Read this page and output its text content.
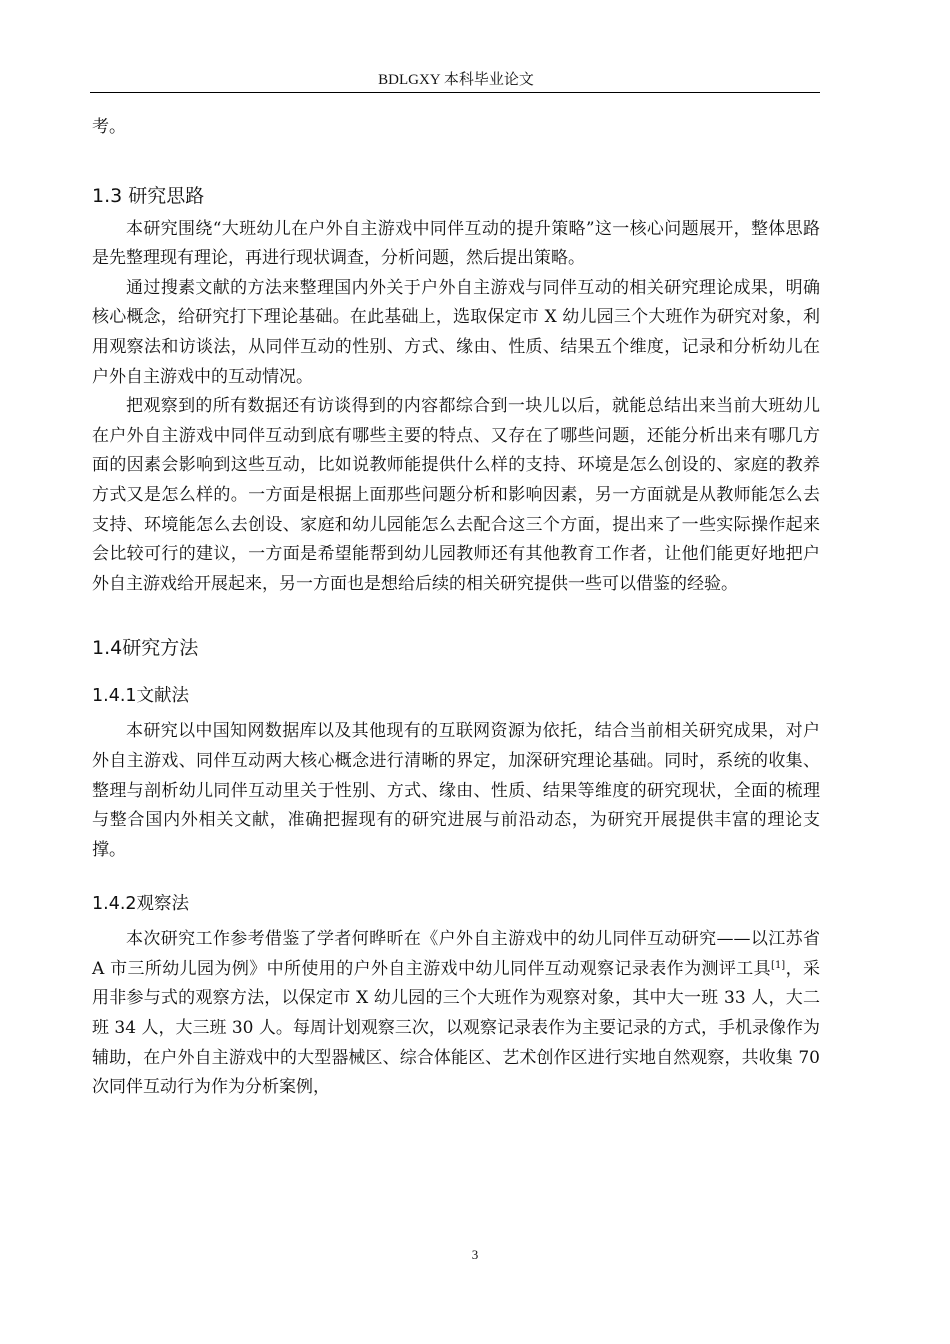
BDLGXY 本科毕业论文

考。

1.3 研究思路

本研究围绕“大班幼儿在户外自主游戏中同伴互动的提升策略”这一核心问题展开，整体思路是先整理现有理论，再进行现状调查，分析问题，然后提出策略。

通过搜素文献的方法来整理国内外关于户外自主游戏与同伴互动的相关研究理论成果，明确核心概念，给研究打下理论基础。在此基础上，选取保定市 X 幼儿园三个大班作为研究对象，利用观察法和访谈法，从同伴互动的性别、方式、缘由、性质、结果五个维度，记录和分析幼儿在户外自主游戏中的互动情况。

把观察到的所有数据还有访谈得到的内容都综合到一块儿以后，就能总结出来当前大班幼儿在户外自主游戏中同伴互动到底有哪些主要的特点、又存在了哪些问题，还能分析出来有哪几方面的因素会影响到这些互动，比如说教师能提供什么样的支持、环境是怎么创设的、家庭的教养方式又是怎么样的。一方面是根据上面那些问题分析和影响因素，另一方面就是从教师能怎么去支持、环境能怎么去创设、家庭和幼儿园能怎么去配合这三个方面，提出来了一些实际操作起来会比较可行的建议，一方面是希望能帮到幼儿园教师还有其他教育工作者，让他们能更好地把户外自主游戏给开展起来，另一方面也是想给后续的相关研究提供一些可以借鉴的经验。

1.4研究方法
1.4.1文献法

本研究以中国知网数据库以及其他现有的互联网资源为依托，结合当前相关研究成果，对户外自主游戏、同伴互动两大核心概念进行清晰的界定，加深研究理论基础。同时，系统的收集、整理与剖析幼儿同伴互动里关于性别、方式、缘由、性质、结果等维度的研究现状，全面的梳理与整合国内外相关文献，准确把握现有的研究进展与前沿动态，为研究开展提供丰富的理论支撑。

1.4.2观察法

本次研究工作参考借鉴了学者何晔昕在《户外自主游戏中的幼儿同伴互动研究——以江苏省 A 市三所幼儿园为例》中所使用的户外自主游戏中幼儿同伴互动观察记录表作为测评工具[1]，采用非参与式的观察方法，以保定市 X 幼儿园的三个大班作为观察对象，其中大一班 33 人，大二班 34 人，大三班 30 人。每周计划观察三次，以观察记录表作为主要记录的方式，手机录像作为辅助，在户外自主游戏中的大型器械区、综合体能区、艺术创作区进行实地自然观察，共收集 70 次同伴互动行为作为分析案例，

3
